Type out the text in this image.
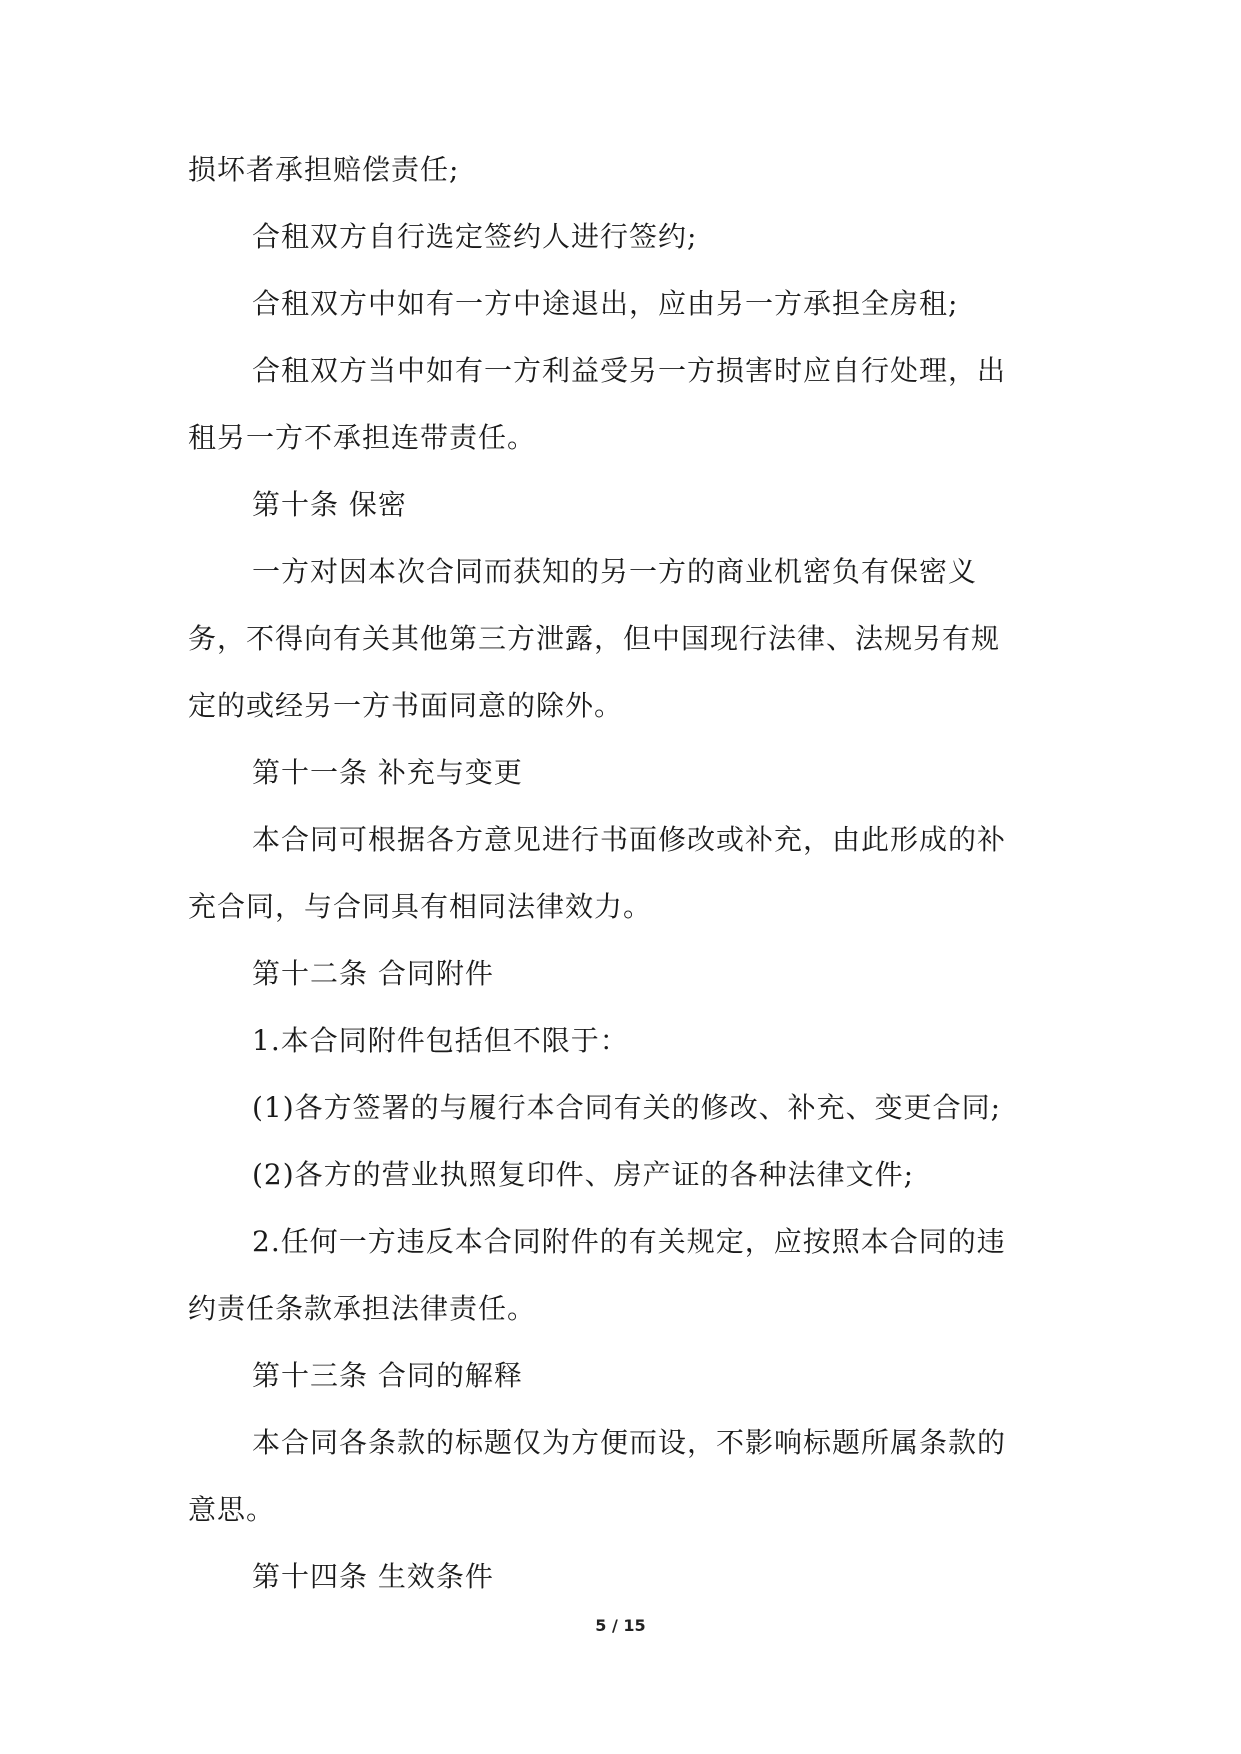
损坏者承担赔偿责任;
合租双方自行选定签约人进行签约;
合租双方中如有一方中途退出，应由另一方承担全房租;
合租双方当中如有一方利益受另一方损害时应自行处理，出
租另一方不承担连带责任。
第十条 保密
一方对因本次合同而获知的另一方的商业机密负有保密义
务，不得向有关其他第三方泄露，但中国现行法律、法规另有规
定的或经另一方书面同意的除外。
第十一条 补充与变更
本合同可根据各方意见进行书面修改或补充，由此形成的补
充合同，与合同具有相同法律效力。
第十二条 合同附件
1.本合同附件包括但不限于：
(1)各方签署的与履行本合同有关的修改、补充、变更合同;
(2)各方的营业执照复印件、房产证的各种法律文件;
2.任何一方违反本合同附件的有关规定，应按照本合同的违
约责任条款承担法律责任。
第十三条 合同的解释
本合同各条款的标题仅为方便而设，不影响标题所属条款的
意思。
第十四条 生效条件
5 / 15
